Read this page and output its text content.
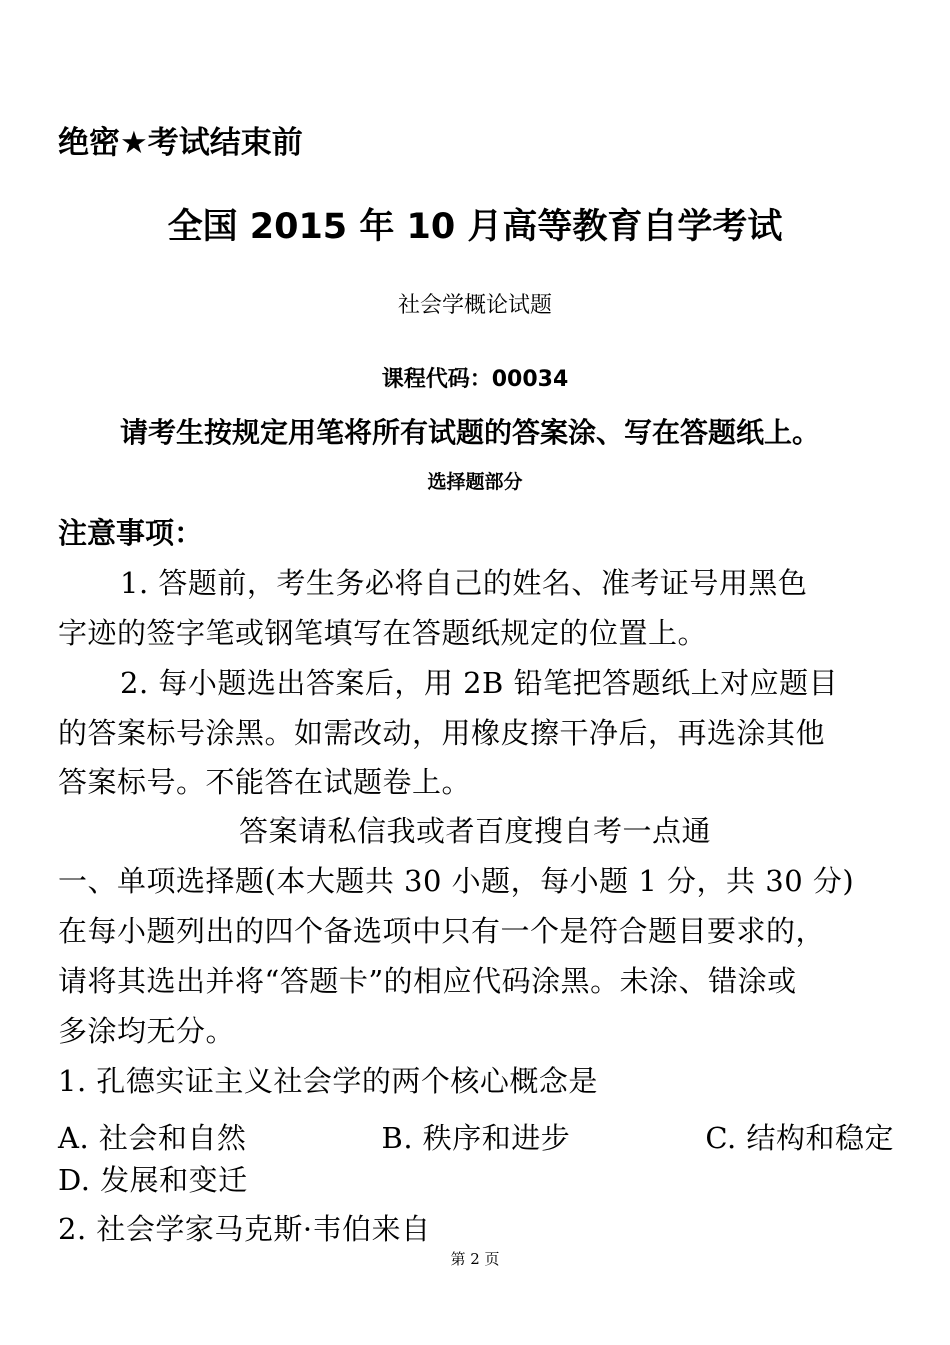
绝密★考试结束前
全国 2015 年 10 月高等教育自学考试
社会学概论试题
课程代码：00034
请考生按规定用笔将所有试题的答案涂、写在答题纸上。
选择题部分
注意事项：
1. 答题前，考生务必将自己的姓名、准考证号用黑色
字迹的签字笔或钢笔填写在答题纸规定的位置上。
2. 每小题选出答案后，用 2B 铅笔把答题纸上对应题目
的答案标号涂黑。如需改动，用橡皮擦干净后，再选涂其他
答案标号。不能答在试题卷上。
答案请私信我或者百度搜自考一点通
一、单项选择题(本大题共 30 小题，每小题 1 分，共 30 分)
在每小题列出的四个备选项中只有一个是符合题目要求的，
请将其选出并将“答题卡”的相应代码涂黑。未涂、错涂或
多涂均无分。
1. 孔德实证主义社会学的两个核心概念是
A. 社会和自然	B. 秩序和进步	C. 结构和稳定
D. 发展和变迁
2. 社会学家马克斯·韦伯来自
第 2 页
